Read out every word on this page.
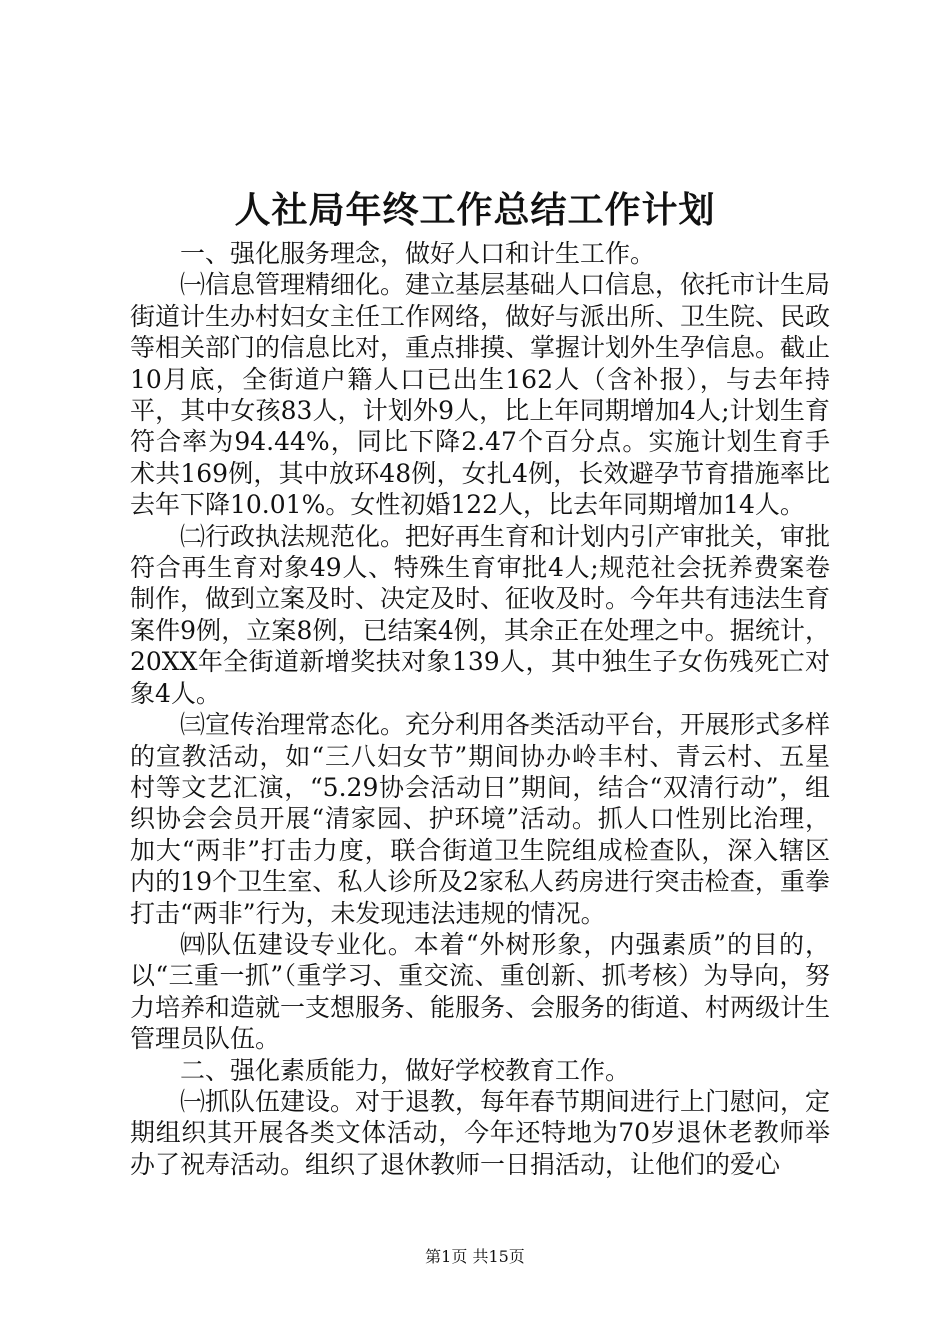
人社局年终工作总结工作计划

一、强化服务理念，做好人口和计生工作。

㈠信息管理精细化。建立基层基础人口信息，依托市计生局街道计生办村妇女主任工作网络，做好与派出所、卫生院、民政等相关部门的信息比对，重点排摸、掌握计划外生孕信息。截止10月底，全街道户籍人口已出生162人（含补报），与去年持平，其中女孩83人，计划外9人，比上年同期增加4人;计划生育符合率为94.44%，同比下降2.47个百分点。实施计划生育手术共169例，其中放环48例，女扎4例，长效避孕节育措施率比去年下降10.01%。女性初婚122人，比去年同期增加14人。

㈡行政执法规范化。把好再生育和计划内引产审批关，审批符合再生育对象49人、特殊生育审批4人;规范社会抚养费案卷制作，做到立案及时、决定及时、征收及时。今年共有违法生育案件9例，立案8例，已结案4例，其余正在处理之中。据统计，20XX年全街道新增奖扶对象139人，其中独生子女伤残死亡对象4人。

㈢宣传治理常态化。充分利用各类活动平台，开展形式多样的宣教活动，如“三八妇女节”期间协办岭丰村、青云村、五星村等文艺汇演，“5.29协会活动日”期间，结合“双清行动”，组织协会会员开展“清家园、护环境”活动。抓人口性别比治理，加大“两非”打击力度，联合街道卫生院组成检查队，深入辖区内的19个卫生室、私人诊所及2家私人药房进行突击检查，重拳打击“两非”行为，未发现违法违规的情况。

㈣队伍建设专业化。本着“外树形象，内强素质”的目的，以“三重一抓”（重学习、重交流、重创新、抓考核）为导向，努力培养和造就一支想服务、能服务、会服务的街道、村两级计生管理员队伍。

二、强化素质能力，做好学校教育工作。

㈠抓队伍建设。对于退教，每年春节期间进行上门慰问，定期组织其开展各类文体活动，今年还特地为70岁退休老教师举办了祝寿活动。组织了退休教师一日捐活动，让他们的爱心

第1页 共15页
